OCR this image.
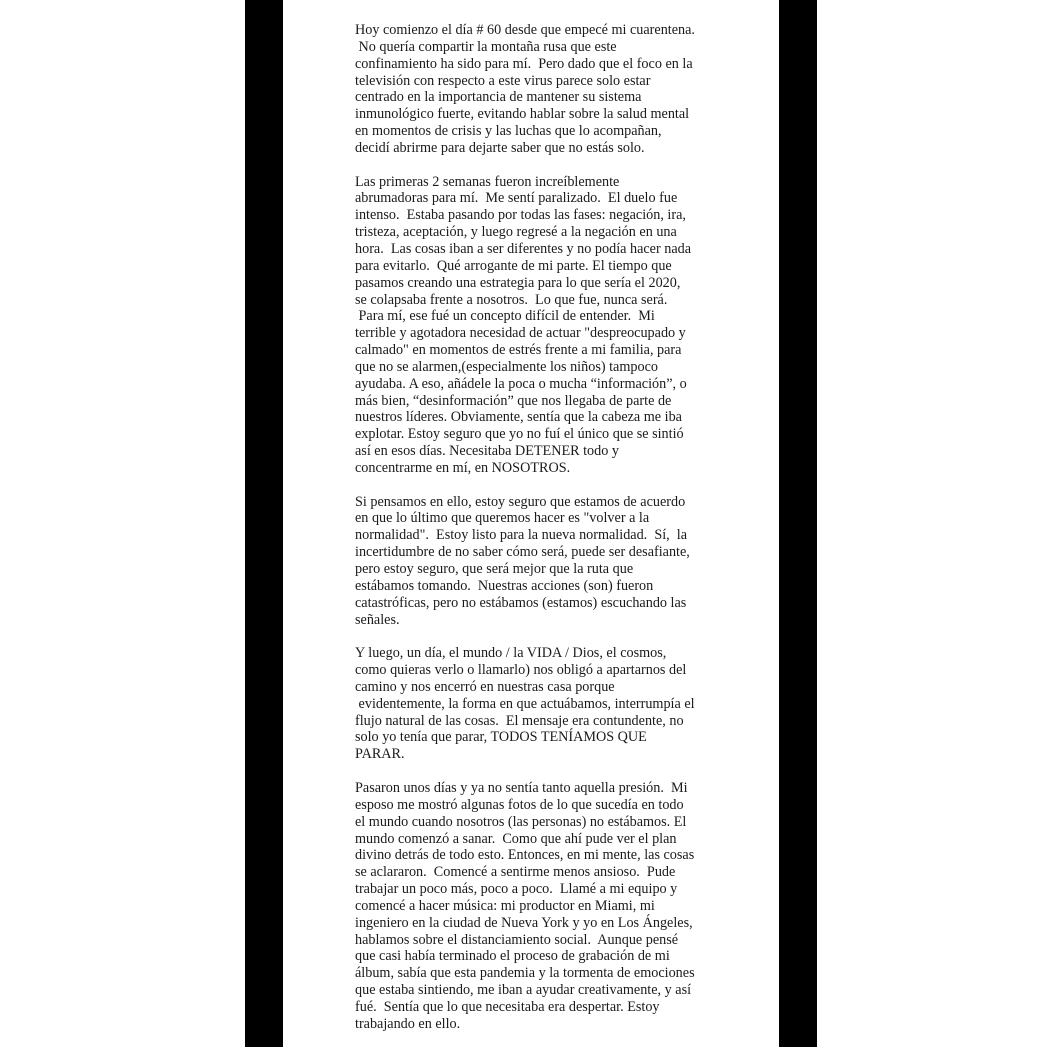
Hoy comienzo el día # 60 desde que empecé mi cuarentena.
No quería compartir la montaña rusa que este
confinamiento ha sido para mí.  Pero dado que el foco en la
televisión con respecto a este virus parece solo estar
centrado en la importancia de mantener su sistema
inmunológico fuerte, evitando hablar sobre la salud mental
en momentos de crisis y las luchas que lo acompañan,
decidí abrirme para dejarte saber que no estás solo.
Las primeras 2 semanas fueron increíblemente
abrumadoras para mí.  Me sentí paralizado.  El duelo fue
intenso.  Estaba pasando por todas las fases: negación, ira,
tristeza, aceptación, y luego regresé a la negación en una
hora.  Las cosas iban a ser diferentes y no podía hacer nada
para evitarlo.  Qué arrogante de mi parte. El tiempo que
pasamos creando una estrategia para lo que sería el 2020,
se colapsaba frente a nosotros.  Lo que fue, nunca será.
Para mí, ese fué un concepto difícil de entender.  Mi
terrible y agotadora necesidad de actuar "despreocupado y
calmado" en momentos de estrés frente a mi familia, para
que no se alarmen,(especialmente los niños) tampoco
ayudaba. A eso, añádele la poca o mucha “información”, o
más bien, “desinformación” que nos llegaba de parte de
nuestros líderes. Obviamente, sentía que la cabeza me iba
explotar. Estoy seguro que yo no fuí el único que se sintió
así en esos días. Necesitaba DETENER todo y
concentrarme en mí, en NOSOTROS.
Si pensamos en ello, estoy seguro que estamos de acuerdo
en que lo último que queremos hacer es "volver a la
normalidad".  Estoy listo para la nueva normalidad.  Sí,  la
incertidumbre de no saber cómo será, puede ser desafiante,
pero estoy seguro, que será mejor que la ruta que
estábamos tomando.  Nuestras acciones (son) fueron
catastróficas, pero no estábamos (estamos) escuchando las
señales.
Y luego, un día, el mundo / la VIDA / Dios, el cosmos,
como quieras verlo o llamarlo) nos obligó a apartarnos del
camino y nos encerró en nuestras casa porque
evidentemente, la forma en que actuábamos, interrumpía el
flujo natural de las cosas.  El mensaje era contundente, no
solo yo tenía que parar, TODOS TENÍAMOS QUE
PARAR.
Pasaron unos días y ya no sentía tanto aquella presión.  Mi
esposo me mostró algunas fotos de lo que sucedía en todo
el mundo cuando nosotros (las personas) no estábamos. El
mundo comenzó a sanar.  Como que ahí pude ver el plan
divino detrás de todo esto. Entonces, en mi mente, las cosas
se aclararon.  Comencé a sentirme menos ansioso.  Pude
trabajar un poco más, poco a poco.  Llamé a mi equipo y
comencé a hacer música: mi productor en Miami, mi
ingeniero en la ciudad de Nueva York y yo en Los Ángeles,
hablamos sobre el distanciamiento social.  Aunque pensé
que casi había terminado el proceso de grabación de mi
álbum, sabía que esta pandemia y la tormenta de emociones
que estaba sintiendo, me iban a ayudar creativamente, y así
fué.  Sentía que lo que necesitaba era despertar. Estoy
trabajando en ello.
